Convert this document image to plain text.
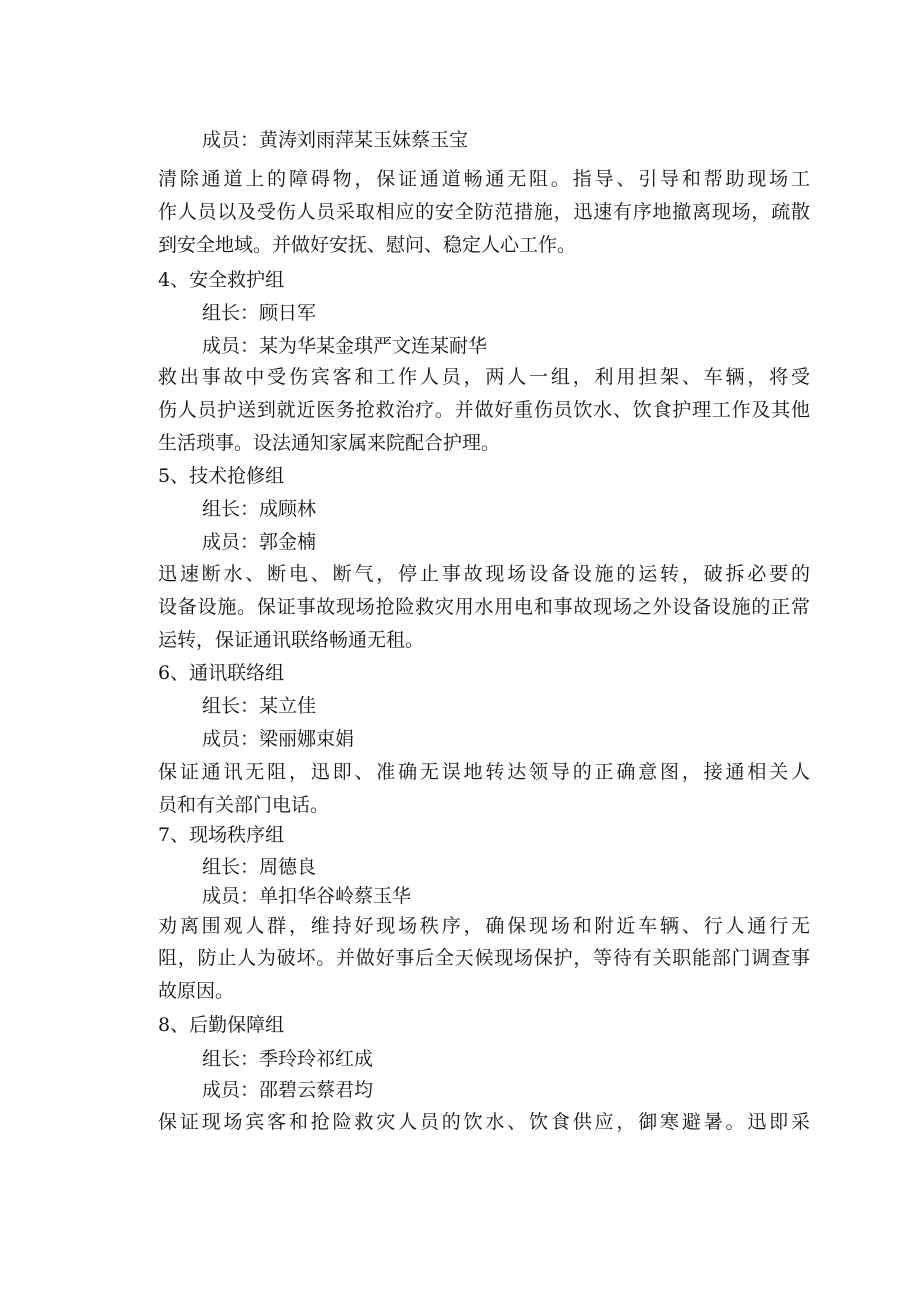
成员：黄涛刘雨萍某玉妹蔡玉宝
清除通道上的障碍物，保证通道畅通无阻。指导、引导和帮助现场工
作人员以及受伤人员采取相应的安全防范措施，迅速有序地撤离现场，疏散
到安全地域。并做好安抚、慰问、稳定人心工作。
4、安全救护组
组长：顾日军
成员：某为华某金琪严文连某耐华
救出事故中受伤宾客和工作人员，两人一组，利用担架、车辆，将受
伤人员护送到就近医务抢救治疗。并做好重伤员饮水、饮食护理工作及其他
生活琐事。设法通知家属来院配合护理。
5、技术抢修组
组长：成顾林
成员：郭金楠
迅速断水、断电、断气，停止事故现场设备设施的运转，破拆必要的
设备设施。保证事故现场抢险救灾用水用电和事故现场之外设备设施的正常
运转，保证通讯联络畅通无租。
6、通讯联络组
组长：某立佳
成员：梁丽娜束娟
保证通讯无阻，迅即、准确无误地转达领导的正确意图，接通相关人
员和有关部门电话。
7、现场秩序组
组长：周德良
成员：单扣华谷岭蔡玉华
劝离围观人群，维持好现场秩序，确保现场和附近车辆、行人通行无
阻，防止人为破坏。并做好事后全天候现场保护，等待有关职能部门调查事
故原因。
8、后勤保障组
组长：季玲玲祁红成
成员：邵碧云蔡君均
保证现场宾客和抢险救灾人员的饮水、饮食供应，御寒避暑。迅即采
